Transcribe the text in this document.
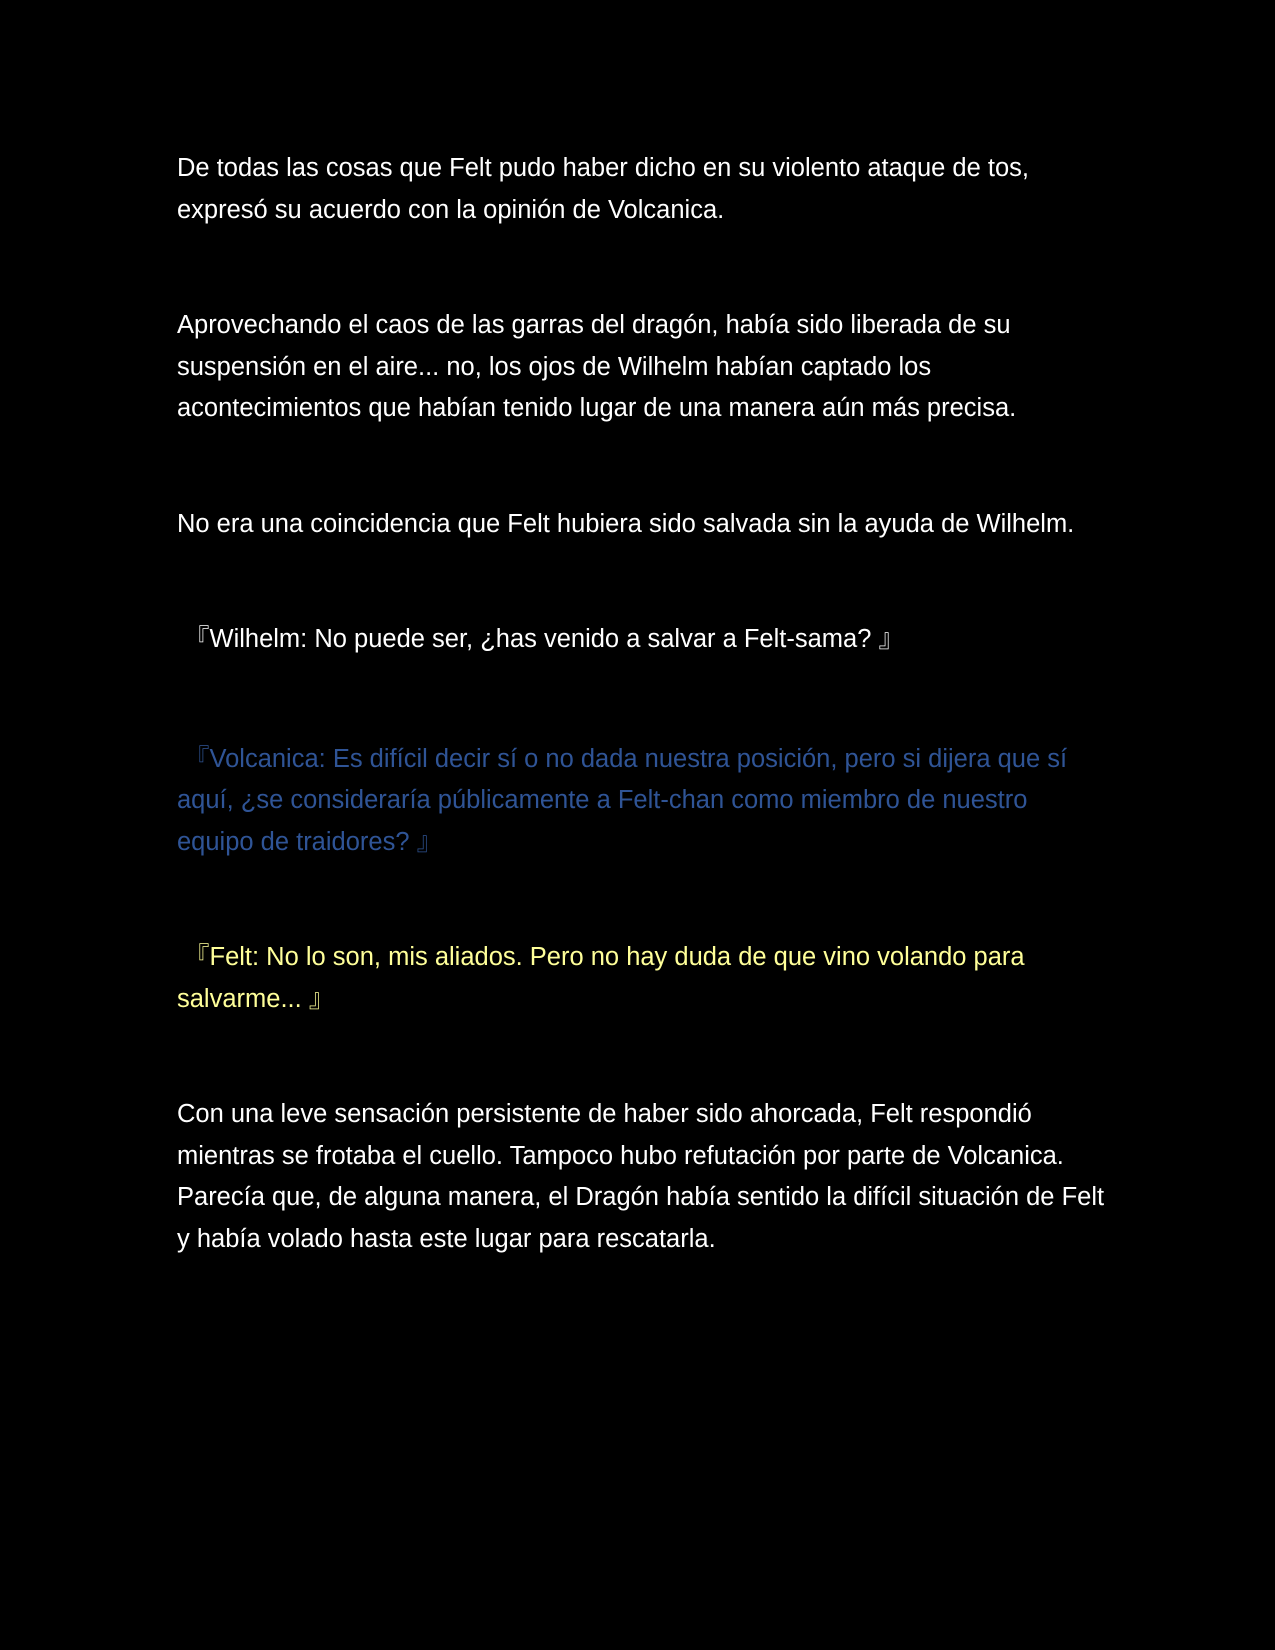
De todas las cosas que Felt pudo haber dicho en su violento ataque de tos, expresó su acuerdo con la opinión de Volcanica.

Aprovechando el caos de las garras del dragón, había sido liberada de su suspensión en el aire... no, los ojos de Wilhelm habían captado los acontecimientos que habían tenido lugar de una manera aún más precisa.

No era una coincidencia que Felt hubiera sido salvada sin la ayuda de Wilhelm.

『Wilhelm: No puede ser, ¿has venido a salvar a Felt-sama? 』

『Volcanica: Es difícil decir sí o no dada nuestra posición, pero si dijera que sí aquí, ¿se consideraría públicamente a Felt-chan como miembro de nuestro equipo de traidores? 』

『Felt: No lo son, mis aliados. Pero no hay duda de que vino volando para salvarme... 』

Con una leve sensación persistente de haber sido ahorcada, Felt respondió mientras se frotaba el cuello. Tampoco hubo refutación por parte de Volcanica. Parecía que, de alguna manera, el Dragón había sentido la difícil situación de Felt y había volado hasta este lugar para rescatarla.
